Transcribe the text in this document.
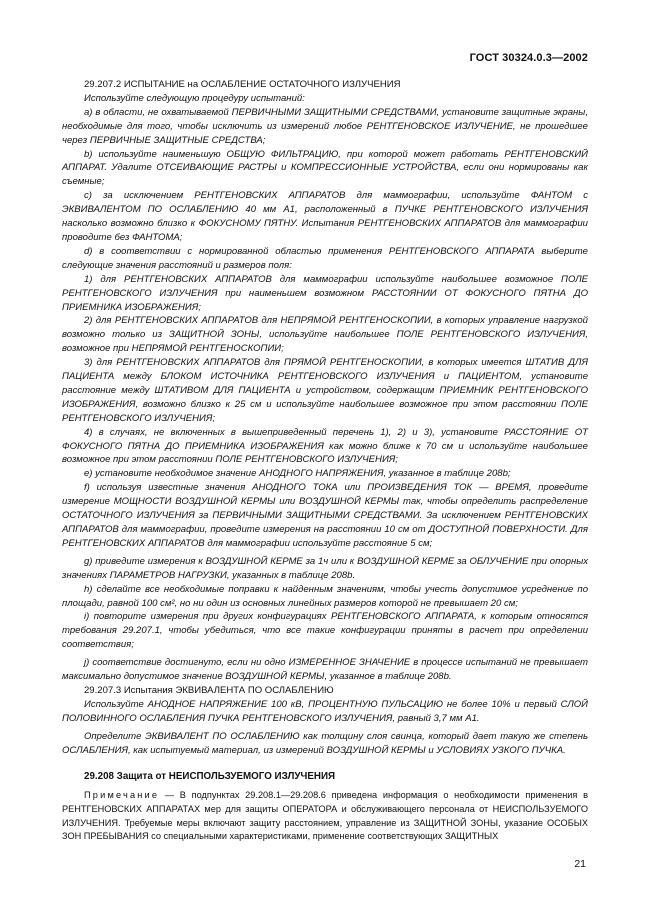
ГОСТ 30324.0.3—2002

29.207.2 ИСПЫТАНИЕ на ОСЛАБЛЕНИЕ ОСТАТОЧНОГО ИЗЛУЧЕНИЯ

Используйте следующую процедуру испытаний:

a) в области, не охватываемой ПЕРВИЧНЫМИ ЗАЩИТНЫМИ СРЕДСТВАМИ, установите защитные экраны, необходимые для того, чтобы исключить из измерений любое РЕНТГЕНОВСКОЕ ИЗЛУЧЕНИЕ, не прошедшее через ПЕРВИЧНЫЕ ЗАЩИТНЫЕ СРЕДСТВА;

b) используйте наименьшую ОБЩУЮ ФИЛЬТРАЦИЮ, при которой может работать РЕНТГЕНОВСКИЙ АППАРАТ. Удалите ОТСЕИВАЮЩИЕ РАСТРЫ и КОМПРЕССИОННЫЕ УСТРОЙСТВА, если они нормированы как съемные;

c) за исключением РЕНТГЕНОВСКИХ АППАРАТОВ для маммографии, используйте ФАНТОМ с ЭКВИВАЛЕНТОМ ПО ОСЛАБЛЕНИЮ 40 мм А1, расположенный в ПУЧКЕ РЕНТГЕНОВСКОГО ИЗЛУЧЕНИЯ насколько возможно близко к ФОКУСНОМУ ПЯТНУ. Испытания РЕНТГЕНОВСКИХ АППАРАТОВ для маммографии проводите без ФАНТОМА;

d) в соответствии с нормированной областью применения РЕНТГЕНОВСКОГО АППАРАТА выберите следующие значения расстояний и размеров поля:

1) для РЕНТГЕНОВСКИХ АППАРАТОВ для маммографии используйте наибольшее возможное ПОЛЕ РЕНТГЕНОВСКОГО ИЗЛУЧЕНИЯ при наименьшем возможном РАССТОЯНИИ ОТ ФОКУСНОГО ПЯТНА ДО ПРИЕМНИКА ИЗОБРАЖЕНИЯ;

2) для РЕНТГЕНОВСКИХ АППАРАТОВ для НЕПРЯМОЙ РЕНТГЕНОСКОПИИ, в которых управление нагрузкой возможно только из ЗАЩИТНОЙ ЗОНЫ, используйте наибольшее ПОЛЕ РЕНТГЕНОВСКОГО ИЗЛУЧЕНИЯ, возможное при НЕПРЯМОЙ РЕНТГЕНОСКОПИИ;

3) для РЕНТГЕНОВСКИХ АППАРАТОВ для ПРЯМОЙ РЕНТГЕНОСКОПИИ, в которых имеется ШТАТИВ ДЛЯ ПАЦИЕНТА между БЛОКОМ ИСТОЧНИКА РЕНТГЕНОВСКОГО ИЗЛУЧЕНИЯ и ПАЦИЕНТОМ, установите расстояние между ШТАТИВОМ ДЛЯ ПАЦИЕНТА и устройством, содержащим ПРИЕМНИК РЕНТГЕНОВСКОГО ИЗОБРАЖЕНИЯ, возможно близко к 25 см и используйте наибольшее возможное при этом расстоянии ПОЛЕ РЕНТГЕНОВСКОГО ИЗЛУЧЕНИЯ;

4) в случаях, не включенных в вышеприведенный перечень 1), 2) и 3), установите РАССТОЯНИЕ ОТ ФОКУСНОГО ПЯТНА ДО ПРИЕМНИКА ИЗОБРАЖЕНИЯ как можно ближе к 70 см и используйте наибольшее возможное при этом расстоянии ПОЛЕ РЕНТГЕНОВСКОГО ИЗЛУЧЕНИЯ;

e) установите необходимое значение АНОДНОГО НАПРЯЖЕНИЯ, указанное в таблице 208b;

f) используя известные значения АНОДНОГО ТОКА или ПРОИЗВЕДЕНИЯ ТОК — ВРЕМЯ, проведите измерение МОЩНОСТИ ВОЗДУШНОЙ КЕРМЫ или ВОЗДУШНОЙ КЕРМЫ так, чтобы определить распределение ОСТАТОЧНОГО ИЗЛУЧЕНИЯ за ПЕРВИЧНЫМИ ЗАЩИТНЫМИ СРЕДСТВАМИ. За исключением РЕНТГЕНОВСКИХ АППАРАТОВ для маммографии, проведите измерения на расстоянии 10 см от ДОСТУПНОЙ ПОВЕРХНОСТИ. Для РЕНТГЕНОВСКИХ АППАРАТОВ для маммографии используйте расстояние 5 см;

g) приведите измерения к ВОЗДУШНОЙ КЕРМЕ за 1ч или к ВОЗДУШНОЙ КЕРМЕ за ОБЛУЧЕНИЕ при опорных значениях ПАРАМЕТРОВ НАГРУЗКИ, указанных в таблице 208b.

h) сделайте все необходимые поправки к найденным значениям, чтобы учесть допустимое усреднение по площади, равной 100 см², но ни один из основных линейных размеров которой не превышает 20 см;

i) повторите измерения при других конфигурациях РЕНТГЕНОВСКОГО АППАРАТА, к которым относятся требования 29.207.1, чтобы убедиться, что все такие конфигурации приняты в расчет при определении соответствия;

j) соответствие достигнуто, если ни одно ИЗМЕРЕННОЕ ЗНАЧЕНИЕ в процессе испытаний не превышает максимально допустимое значение ВОЗДУШНОЙ КЕРМЫ, указанное в таблице 208b.

29.207.3 Испытания ЭКВИВАЛЕНТА ПО ОСЛАБЛЕНИЮ

Используйте АНОДНОЕ НАПРЯЖЕНИЕ 100 кВ, ПРОЦЕНТНУЮ ПУЛЬСАЦИЮ не более 10% и первый СЛОЙ ПОЛОВИННОГО ОСЛАБЛЕНИЯ ПУЧКА РЕНТГЕНОВСКОГО ИЗЛУЧЕНИЯ, равный 3,7 мм А1.

Определите ЭКВИВАЛЕНТ ПО ОСЛАБЛЕНИЮ как толщину слоя свинца, который дает такую же степень ОСЛАБЛЕНИЯ, как испытуемый материал, из измерений ВОЗДУШНОЙ КЕРМЫ и УСЛОВИЯХ УЗКОГО ПУЧКА.

29.208 Защита от НЕИСПОЛЬЗУЕМОГО ИЗЛУЧЕНИЯ

Примечание — В подпунктах 29.208.1—29.208.6 приведена информация о необходимости применения в РЕНТГЕНОВСКИХ АППАРАТАХ мер для защиты ОПЕРАТОРА и обслуживающего персонала от НЕИСПОЛЬЗУЕМОГО ИЗЛУЧЕНИЯ. Требуемые меры включают защиту расстоянием, управление из ЗАЩИТНОЙ ЗОНЫ, указание ОСОБЫХ ЗОН ПРЕБЫВАНИЯ со специальными характеристиками, применение соответствующих ЗАЩИТНЫХ

21
